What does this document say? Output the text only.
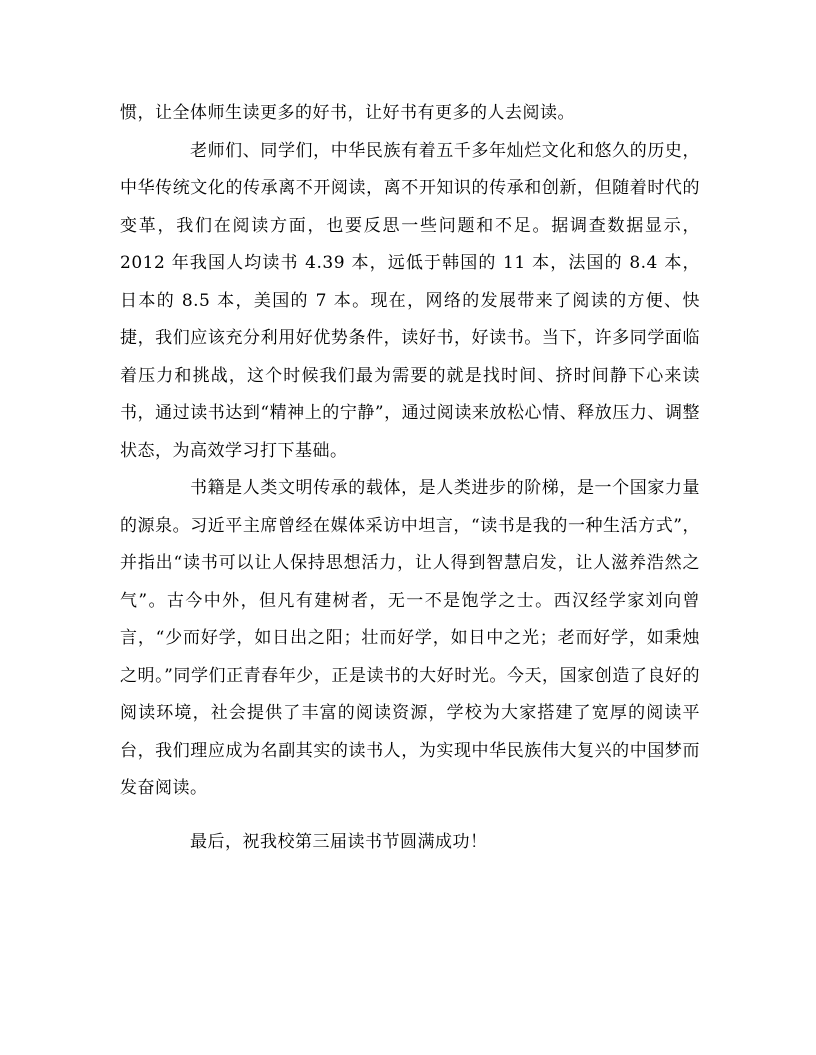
惯，让全体师生读更多的好书，让好书有更多的人去阅读。

老师们、同学们，中华民族有着五千多年灿烂文化和悠久的历史，中华传统文化的传承离不开阅读，离不开知识的传承和创新，但随着时代的变革，我们在阅读方面，也要反思一些问题和不足。据调查数据显示，2012 年我国人均读书 4.39 本，远低于韩国的 11 本，法国的 8.4 本，日本的 8.5 本，美国的 7 本。现在，网络的发展带来了阅读的方便、快捷，我们应该充分利用好优势条件，读好书，好读书。当下，许多同学面临着压力和挑战，这个时候我们最为需要的就是找时间、挤时间静下心来读书，通过读书达到“精神上的宁静”，通过阅读来放松心情、释放压力、调整状态，为高效学习打下基础。

书籍是人类文明传承的载体，是人类进步的阶梯，是一个国家力量的源泉。习近平主席曾经在媒体采访中坦言，“读书是我的一种生活方式”，并指出“读书可以让人保持思想活力，让人得到智慧启发，让人滋养浩然之气”。古今中外，但凡有建树者，无一不是饱学之士。西汉经学家刘向曾言，“少而好学，如日出之阳；壮而好学，如日中之光；老而好学，如秉烛之明。”同学们正青春年少，正是读书的大好时光。今天，国家创造了良好的阅读环境，社会提供了丰富的阅读资源，学校为大家搭建了宽厚的阅读平台，我们理应成为名副其实的读书人，为实现中华民族伟大复兴的中国梦而发奋阅读。

最后，祝我校第三届读书节圆满成功！
